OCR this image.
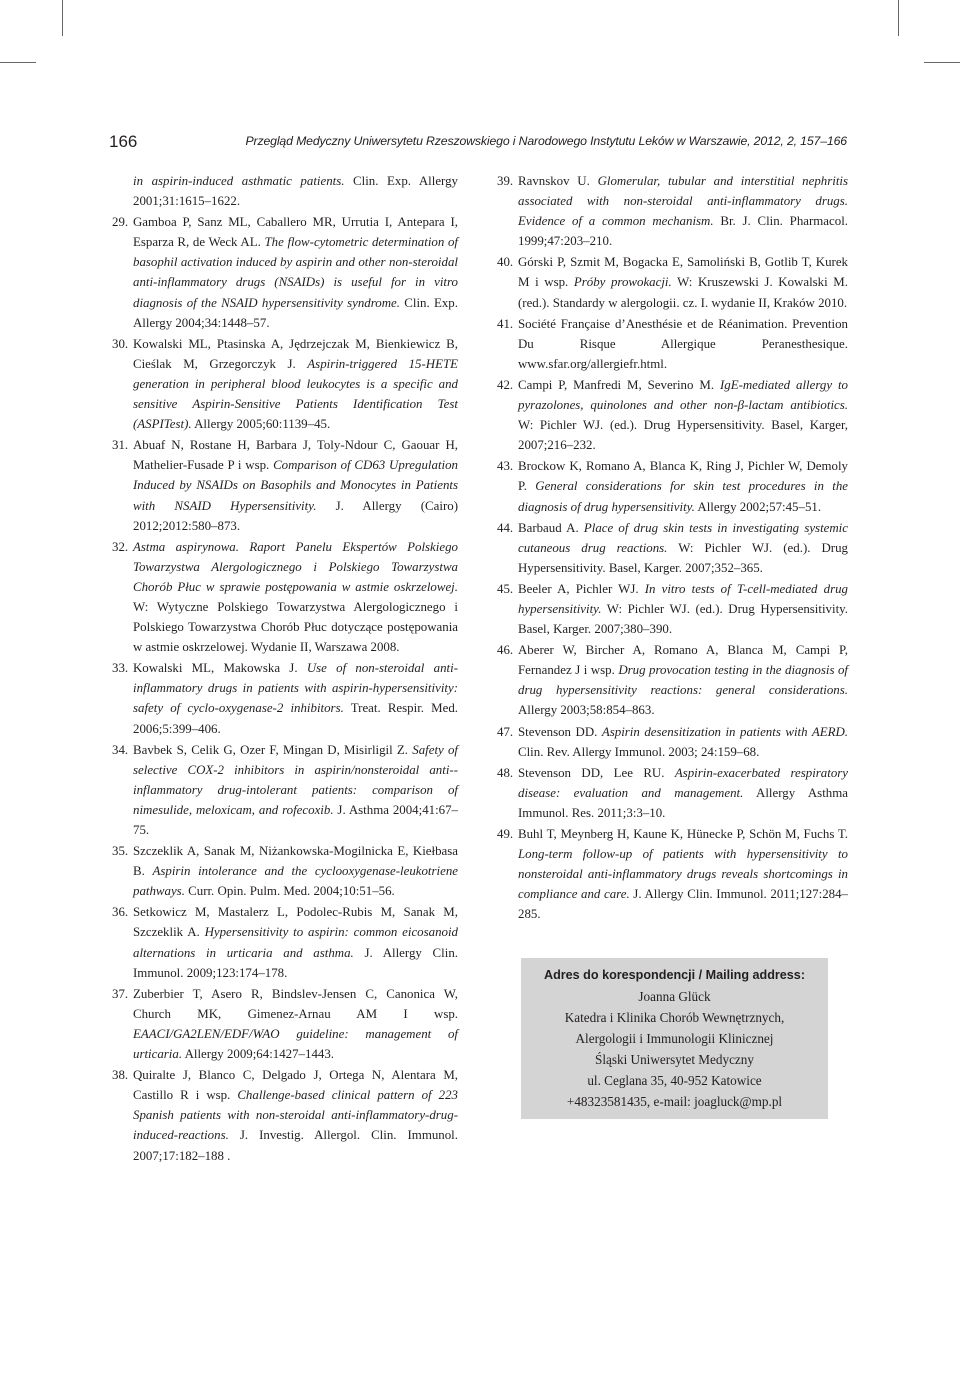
166	Przegląd Medyczny Uniwersytetu Rzeszowskiego i Narodowego Instytutu Leków w Warszawie, 2012, 2, 157–166
in aspirin-induced asthmatic patients. Clin. Exp. Allergy 2001;31:1615–1622.
29. Gamboa P, Sanz ML, Caballero MR, Urrutia I, Antepara I, Esparza R, de Weck AL. The flow-cytometric determination of basophil activation induced by aspirin and other non-steroidal anti-inflammatory drugs (NSAIDs) is useful for in vitro diagnosis of the NSAID hypersensitivity syndrome. Clin. Exp. Allergy 2004;34:1448–57.
30. Kowalski ML, Ptasinska A, Jędrzejczak M, Bienkiewicz B, Cieślak M, Grzegorczyk J. Aspirin-triggered 15-HETE generation in peripheral blood leukocytes is a specific and sensitive Aspirin-Sensitive Patients Identification Test (ASPITest). Allergy 2005;60:1139–45.
31. Abuaf N, Rostane H, Barbara J, Toly-Ndour C, Gaouar H, Mathelier-Fusade P i wsp. Comparison of CD63 Upregulation Induced by NSAIDs on Basophils and Monocytes in Patients with NSAID Hypersensitivity. J. Allergy (Cairo) 2012;2012:580–873.
32. Astma aspirynowa. Raport Panelu Ekspertów Polskiego Towarzystwa Alergologicznego i Polskiego Towarzystwa Chorób Płuc w sprawie postępowania w astmie oskrzelowej. W: Wytyczne Polskiego Towarzystwa Alergologicznego i Polskiego Towarzystwa Chorób Płuc dotyczące postępowania w astmie oskrzelowej. Wydanie II, Warszawa 2008.
33. Kowalski ML, Makowska J. Use of non-steroidal anti-inflammatory drugs in patients with aspirin-hypersensitivity: safety of cyclo-oxygenase-2 inhibitors. Treat. Respir. Med. 2006;5:399–406.
34. Bavbek S, Celik G, Ozer F, Mingan D, Misirligil Z. Safety of selective COX-2 inhibitors in aspirin/nonsteroidal anti--inflammatory drug-intolerant patients: comparison of nimesulide, meloxicam, and rofecoxib. J. Asthma 2004;41:67–75.
35. Szczeklik A, Sanak M, Niżankowska-Mogilnicka E, Kiełbasa B. Aspirin intolerance and the cyclooxygenase-leukotriene pathways. Curr. Opin. Pulm. Med. 2004;10:51–56.
36. Setkowicz M, Mastalerz L, Podolec-Rubis M, Sanak M, Szczeklik A. Hypersensitivity to aspirin: common eicosanoid alternations in urticaria and asthma. J. Allergy Clin. Immunol. 2009;123:174–178.
37. Zuberbier T, Asero R, Bindslev-Jensen C, Canonica W, Church MK, Gimenez-Arnau AM I wsp. EAACI/GA2LEN/EDF/WAO guideline: management of urticaria. Allergy 2009;64:1427–1443.
38. Quiralte J, Blanco C, Delgado J, Ortega N, Alentara M, Castillo R i wsp. Challenge-based clinical pattern of 223 Spanish patients with non-steroidal anti-inflammatory-drug-induced-reactions. J. Investig. Allergol. Clin. Immunol. 2007;17:182–188 .
39. Ravnskov U. Glomerular, tubular and interstitial nephritis associated with non-steroidal anti-inflammatory drugs. Evidence of a common mechanism. Br. J. Clin. Pharmacol. 1999;47:203–210.
40. Górski P, Szmit M, Bogacka E, Samoliński B, Gotlib T, Kurek M i wsp. Próby prowokacji. W: Kruszewski J. Kowalski M. (red.). Standardy w alergologii. cz. I. wydanie II, Kraków 2010.
41. Société Française d’Anesthésie et de Réanimation. Prevention Du Risque Allergique Peranesthesique. www.sfar.org/allergiefr.html.
42. Campi P, Manfredi M, Severino M. IgE-mediated allergy to pyrazolones, quinolones and other non-β-lactam antibiotics. W: Pichler WJ. (ed.). Drug Hypersensitivity. Basel, Karger, 2007;216–232.
43. Brockow K, Romano A, Blanca K, Ring J, Pichler W, Demoly P. General considerations for skin test procedures in the diagnosis of drug hypersensitivity. Allergy 2002;57:45–51.
44. Barbaud A. Place of drug skin tests in investigating systemic cutaneous drug reactions. W: Pichler WJ. (ed.). Drug Hypersensitivity. Basel, Karger. 2007;352–365.
45. Beeler A, Pichler WJ. In vitro tests of T-cell-mediated drug hypersensitivity. W: Pichler WJ. (ed.). Drug Hypersensitivity. Basel, Karger. 2007;380–390.
46. Aberer W, Bircher A, Romano A, Blanca M, Campi P, Fernandez J i wsp. Drug provocation testing in the diagnosis of drug hypersensitivity reactions: general considerations. Allergy 2003;58:854–863.
47. Stevenson DD. Aspirin desensitization in patients with AERD. Clin. Rev. Allergy Immunol. 2003; 24:159–68.
48. Stevenson DD, Lee RU. Aspirin-exacerbated respiratory disease: evaluation and management. Allergy Asthma Immunol. Res. 2011;3:3–10.
49. Buhl T, Meynberg H, Kaune K, Hünecke P, Schön M, Fuchs T. Long-term follow-up of patients with hypersensitivity to nonsteroidal anti-inflammatory drugs reveals shortcomings in compliance and care. J. Allergy Clin. Immunol. 2011;127:284–285.
Adres do korespondencji / Mailing address:
Joanna Glück
Katedra i Klinika Chorób Wewnętrznych,
Alergologii i Immunologii Klinicznej
Śląski Uniwersytet Medyczny
ul. Ceglana 35, 40-952 Katowice
+48323581435, e-mail: joagluck@mp.pl
